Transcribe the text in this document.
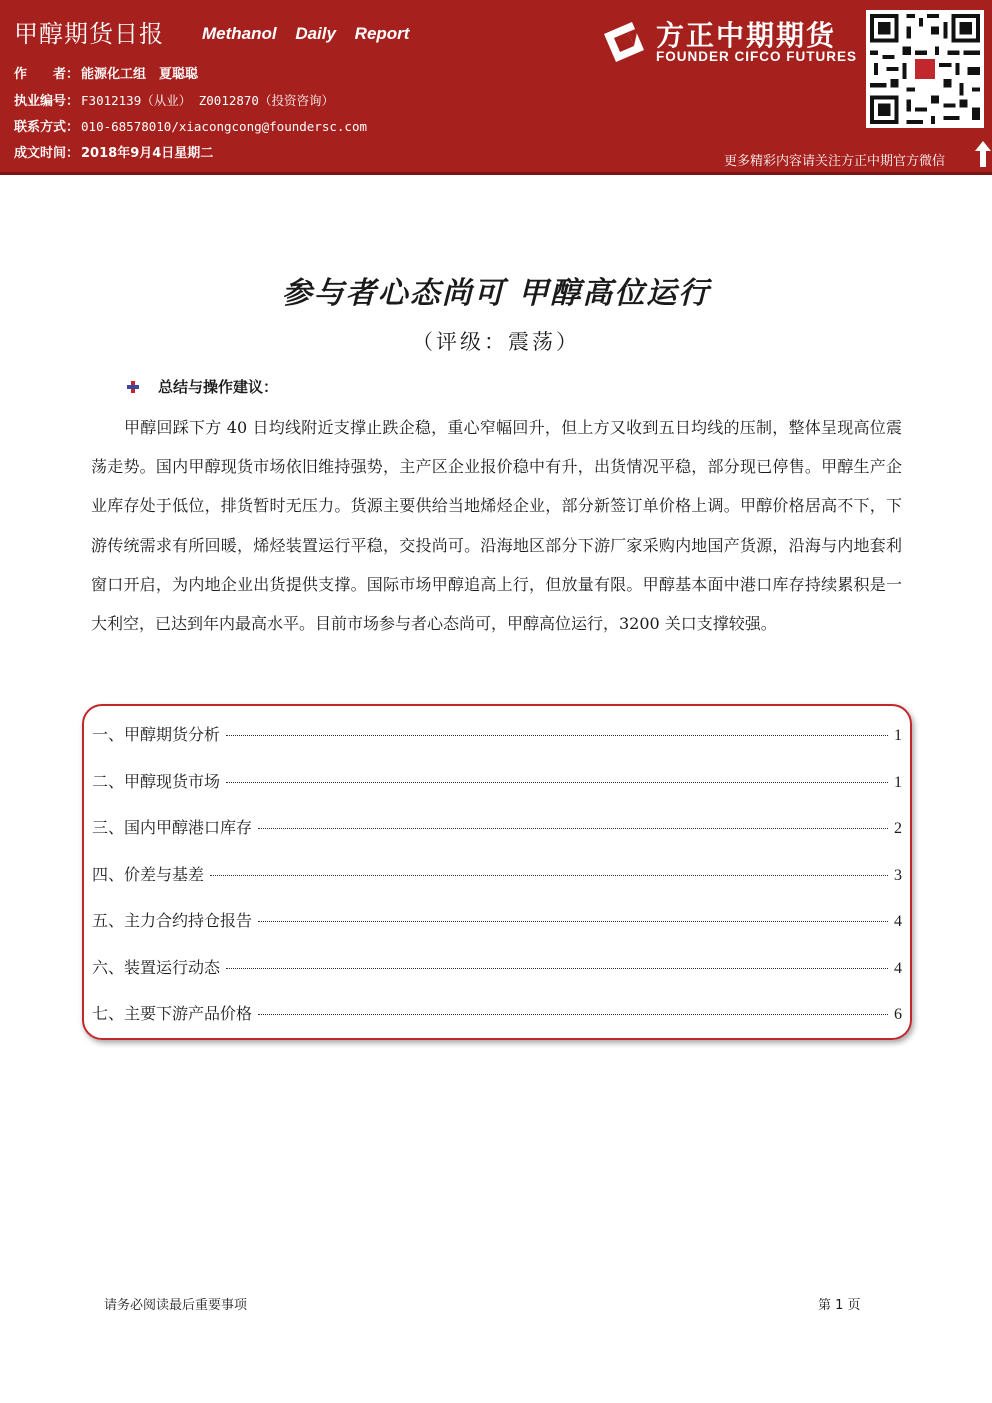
甲醇期货日报 Methanol Daily Report
作　　者： 能源化工组　夏聪聪
执业编号： F3012139（从业） Z0012870（投资咨询）
联系方式： 010-68578010/xiacongcong@foundersc.com
成文时间： 2018年9月4日星期二
方正中期期货
FOUNDER CIFCO FUTURES
更多精彩内容请关注方正中期官方微信
参与者心态尚可 甲醇高位运行
（评级：震荡）
总结与操作建议：

甲醇回踩下方 40 日均线附近支撑止跌企稳，重心窄幅回升，但上方又收到五日均线的压制，整体呈现高位震荡走势。国内甲醇现货市场依旧维持强势，主产区企业报价稳中有升，出货情况平稳，部分现已停售。甲醇生产企业库存处于低位，排货暂时无压力。货源主要供给当地烯烃企业，部分新签订单价格上调。甲醇价格居高不下，下游传统需求有所回暖，烯烃装置运行平稳，交投尚可。沿海地区部分下游厂家采购内地国产货源，沿海与内地套利窗口开启，为内地企业出货提供支撑。国际市场甲醇追高上行，但放量有限。甲醇基本面中港口库存持续累积是一大利空，已达到年内最高水平。目前市场参与者心态尚可，甲醇高位运行，3200 关口支撑较强。

一、甲醇期货分析	1
二、甲醇现货市场	1
三、国内甲醇港口库存	2
四、价差与基差	3
五、主力合约持仓报告	4
六、装置运行动态	4
七、主要下游产品价格	6
请务必阅读最后重要事项	第 1 页
